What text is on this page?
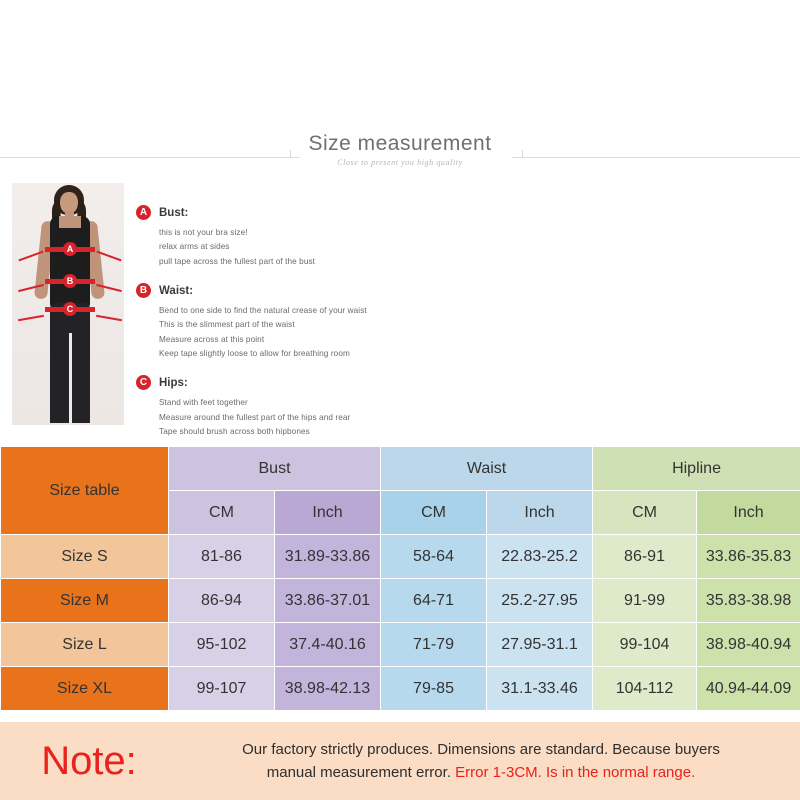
Size measurement
Close to present you high quality
A
B
C
A	Bust:
this is not your bra size!
relax arms at sides
pull tape across the fullest part of the bust
B	Waist:
Bend to one side to find the natural crease of your waist
This is the slimmest part of the waist
Measure across at this point
Keep tape slightly loose to allow for breathing room
C	Hips:
Stand with feet together
Measure around the fullest part of the hips and rear
Tape should brush across both hipbones
Size table	Bust		Waist		Hipline	
	CM	Inch	CM	Inch	CM	Inch
Size S	81-86	31.89-33.86	58-64	22.83-25.2	86-91	33.86-35.83
Size M	86-94	33.86-37.01	64-71	25.2-27.95	91-99	35.83-38.98
Size L	95-102	37.4-40.16	71-79	27.95-31.1	99-104	38.98-40.94
Size XL	99-107	38.98-42.13	79-85	31.1-33.46	104-112	40.94-44.09
Note:	Our factory strictly produces. Dimensions are standard. Because buyers
manual measurement error. Error 1-3CM. Is in the normal range.
